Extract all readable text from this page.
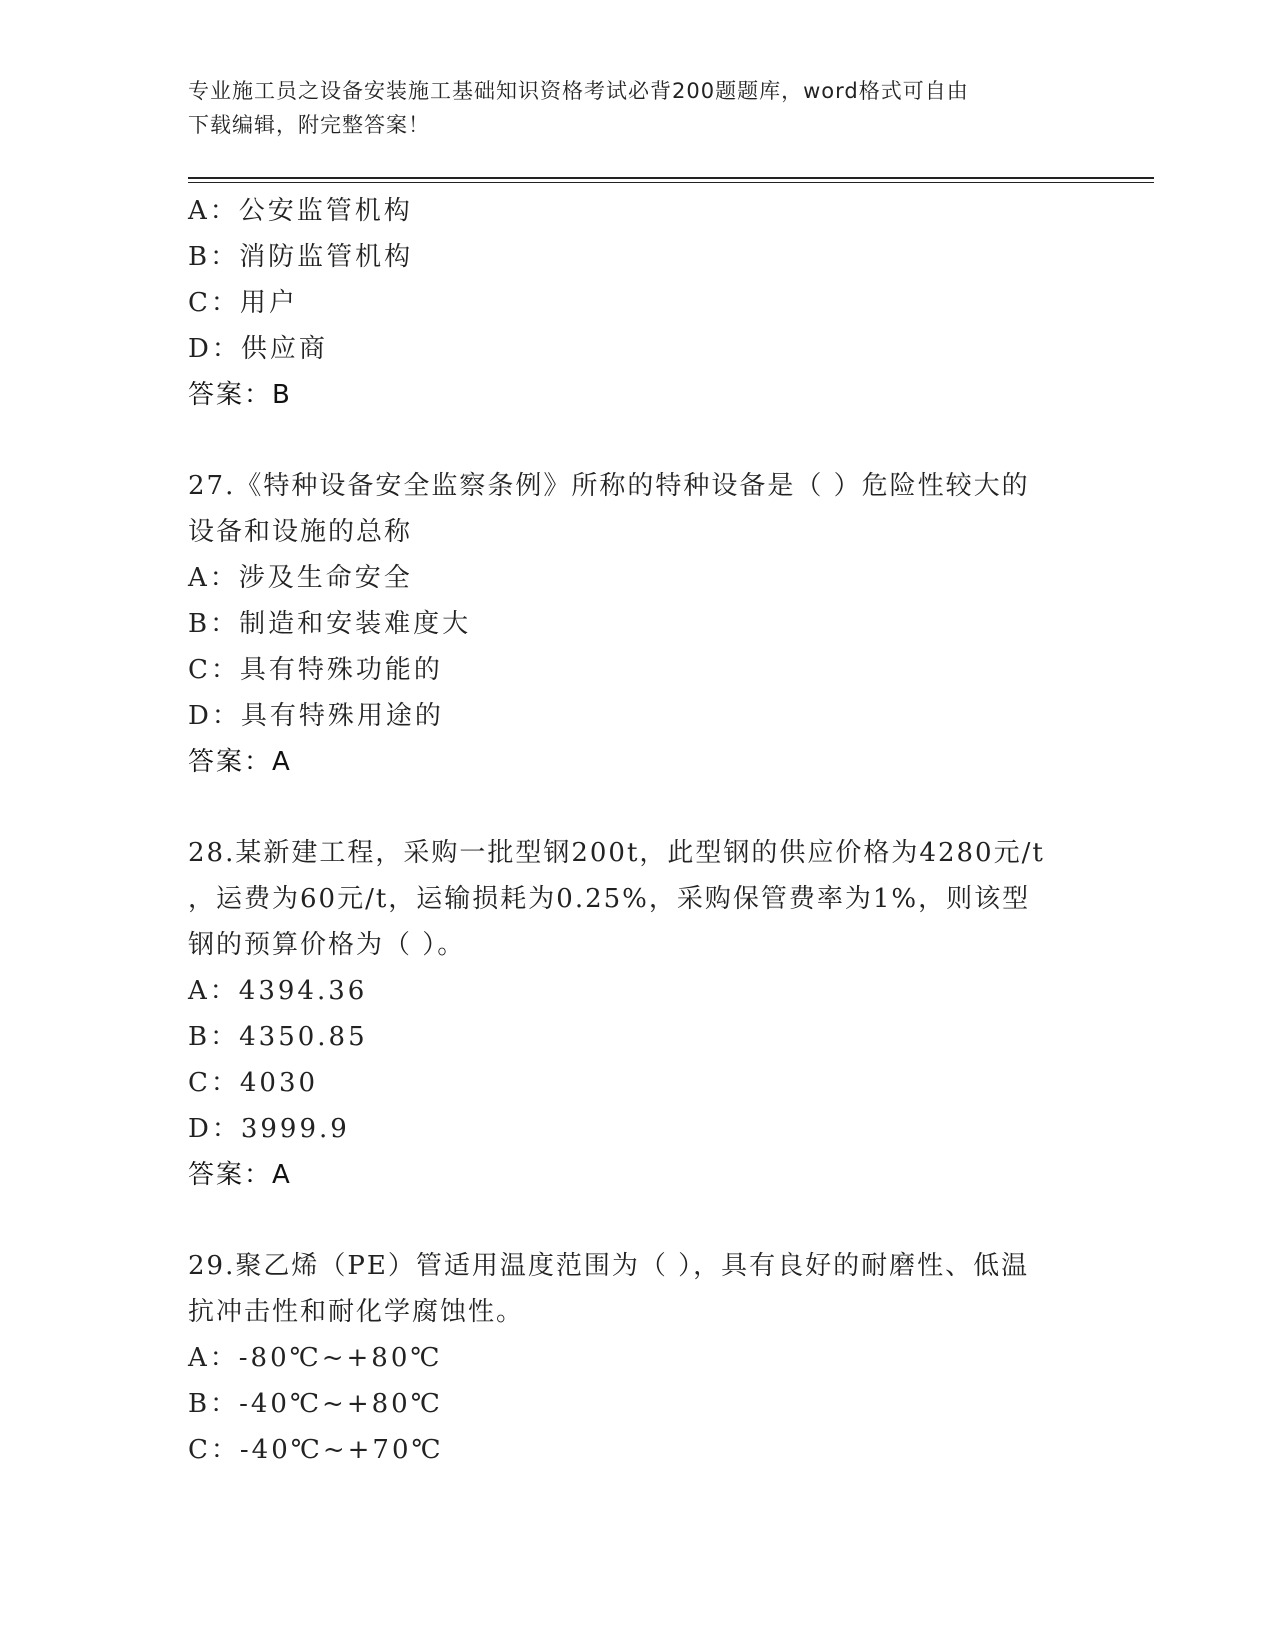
专业施工员之设备安装施工基础知识资格考试必背200题题库，word格式可自由
下载编辑，附完整答案！
A：公安监管机构
B：消防监管机构
C：用户
D：供应商
答案：B
27.《特种设备安全监察条例》所称的特种设备是（ ）危险性较大的
设备和设施的总称
A：涉及生命安全
B：制造和安装难度大
C：具有特殊功能的
D：具有特殊用途的
答案：A
28.某新建工程，采购一批型钢200t，此型钢的供应价格为4280元/t
，运费为60元/t，运输损耗为0.25%，采购保管费率为1%，则该型
钢的预算价格为（ ）。
A：4394.36
B：4350.85
C：4030
D：3999.9
答案：A
29.聚乙烯（PE）管适用温度范围为（ ），具有良好的耐磨性、低温
抗冲击性和耐化学腐蚀性。
A：-80℃~+80℃
B：-40℃~+80℃
C：-40℃~+70℃
